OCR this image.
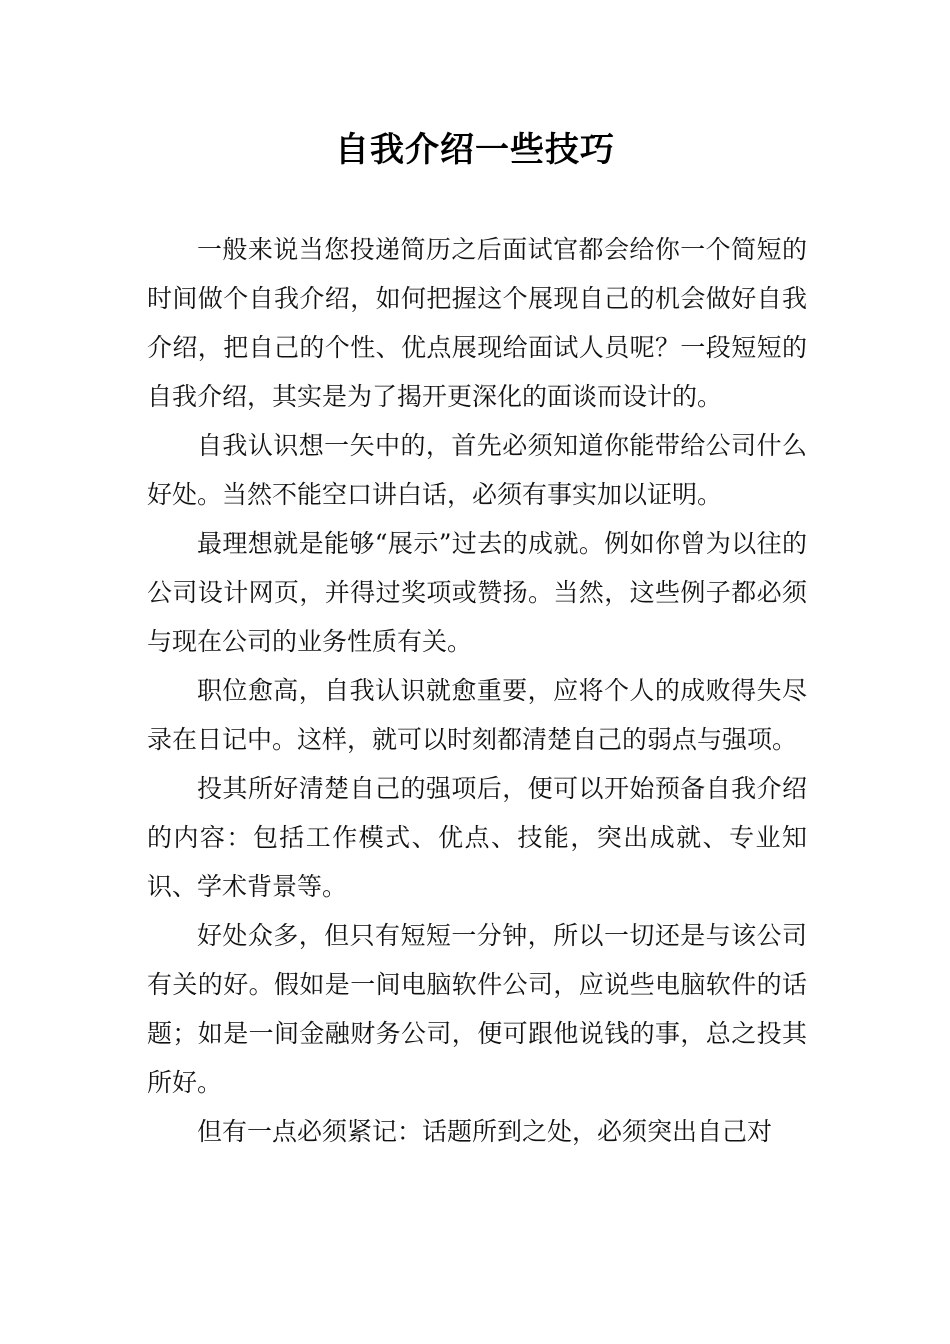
自我介绍一些技巧

一般来说当您投递简历之后面试官都会给你一个简短的时间做个自我介绍，如何把握这个展现自己的机会做好自我介绍，把自己的个性、优点展现给面试人员呢？一段短短的自我介绍，其实是为了揭开更深化的面谈而设计的。

自我认识想一矢中的，首先必须知道你能带给公司什么好处。当然不能空口讲白话，必须有事实加以证明。

最理想就是能够“展示”过去的成就。例如你曾为以往的公司设计网页，并得过奖项或赞扬。当然，这些例子都必须与现在公司的业务性质有关。

职位愈高，自我认识就愈重要，应将个人的成败得失尽录在日记中。这样，就可以时刻都清楚自己的弱点与强项。

投其所好清楚自己的强项后，便可以开始预备自我介绍的内容：包括工作模式、优点、技能，突出成就、专业知识、学术背景等。

好处众多，但只有短短一分钟，所以一切还是与该公司有关的好。假如是一间电脑软件公司，应说些电脑软件的话题；如是一间金融财务公司，便可跟他说钱的事，总之投其所好。

但有一点必须紧记：话题所到之处，必须突出自己对
